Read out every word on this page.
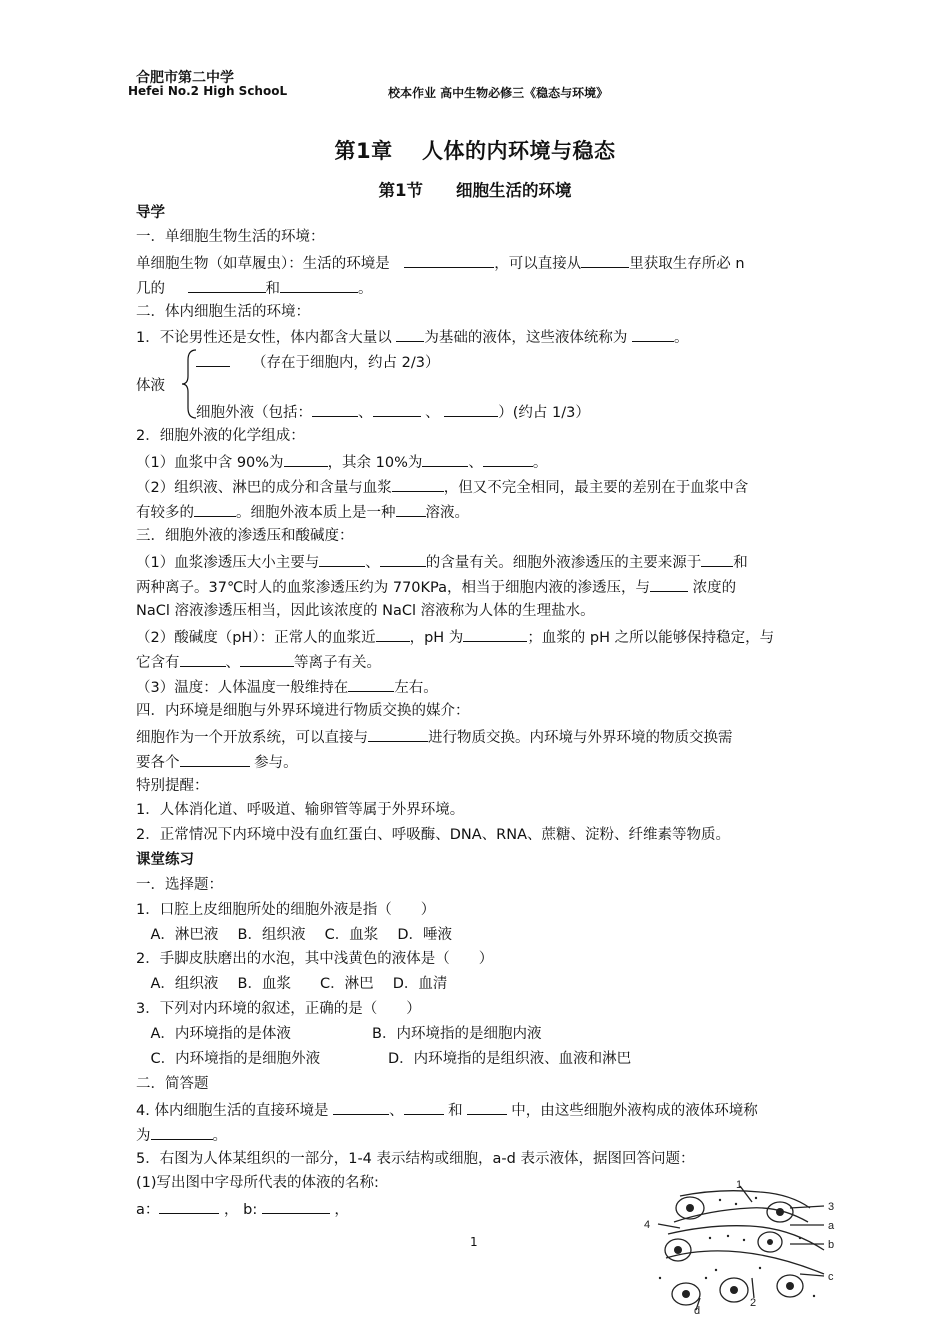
合肥市第二中学
Hefei No.2 High SchooL	校本作业 高中生物必修三《稳态与环境》
第1章　 人体的内环境与稳态
第1节　　细胞生活的环境
导学
一．单细胞生物生活的环境：
单细胞生物（如草履虫）：生活的环境是　	，可以直接从	里获取生存所必 n
几的　	和	。
二．体内细胞生活的环境：
1．不论男性还是女性，体内都含大量以 为基础的液体，这些液体统称为	。
（存在于细胞内，约占 2/3）
体液
细胞外液（包括：	、	、	）(约占 1/3）
2．细胞外液的化学组成：
（1）血浆中含 90%为	，其余 10%为	、	。
（2）组织液、淋巴的成分和含量与血浆	，但又不完全相同，最主要的差别在于血浆中含
有较多的	。细胞外液本质上是一种 溶液。
三．细胞外液的渗透压和酸碱度：
（1）血浆渗透压大小主要与	、	的含量有关。细胞外液渗透压的主要来源于 和
两种离子。37℃时人的血浆渗透压约为 770KPa，相当于细胞内液的渗透压，与	浓度的
NaCl 溶液渗透压相当，因此该浓度的 NaCl 溶液称为人体的生理盐水。
（2）酸碱度（pH）：正常人的血浆近 ，pH 为	；血浆的 pH 之所以能够保持稳定，与
它含有	、	等离子有关。
（3）温度：人体温度一般维持在	左右。
四．内环境是细胞与外界环境进行物质交换的媒介：
细胞作为一个开放系统，可以直接与	进行物质交换。内环境与外界环境的物质交换需
要各个	参与。
特别提醒：
1．人体消化道、呼吸道、输卵管等属于外界环境。
2．正常情况下内环境中没有血红蛋白、呼吸酶、DNA、RNA、蔗糖、淀粉、纤维素等物质。
课堂练习
一．选择题：
1．口腔上皮细胞所处的细胞外液是指（　　）
　A．淋巴液　 B．组织液　 C．血浆　 D．唾液
2．手脚皮肤磨出的水泡，其中浅黄色的液体是（　　）
　A．组织液　 B．血浆　　C．淋巴　 D．血清
3．下列对内环境的叙述，正确的是（　　）
　A．内环境指的是体液	B．内环境指的是细胞内液
　C．内环境指的是细胞外液	D．内环境指的是组织液、血液和淋巴
二．简答题
4. 体内细胞生活的直接环境是	、	和	中，由这些细胞外液构成的液体环境称
为	。
5．右图为人体某组织的一部分，1-4 表示结构或细胞，a-d 表示液体，据图回答问题：
(1)写出图中字母所代表的体液的名称:
a：	， b:	，
1
1
2
3
4	a
b
c
d
